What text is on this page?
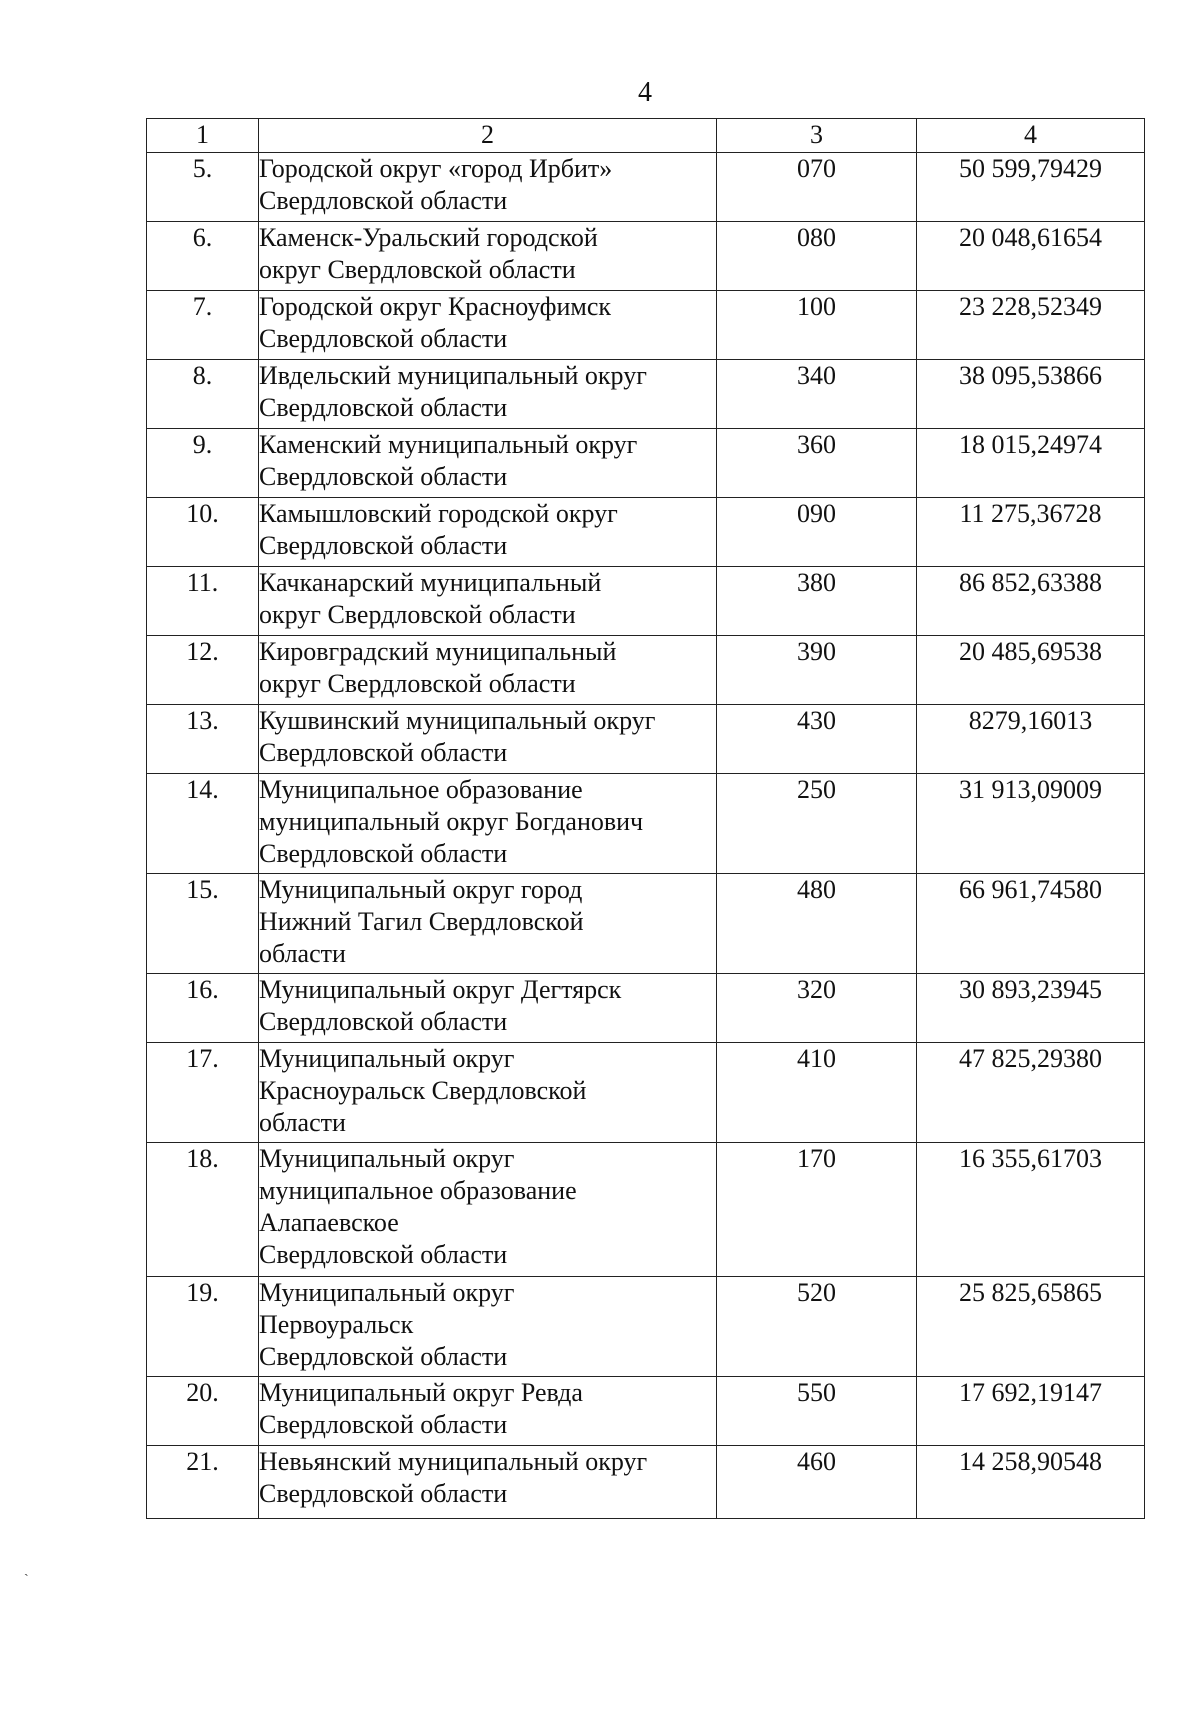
4
1	2	3	4
5.	Городской округ «город Ирбит»
Свердловской области	070	50 599,79429
6.	Каменск-Уральский городской
округ Свердловской области	080	20 048,61654
7.	Городской округ Красноуфимск
Свердловской области	100	23 228,52349
8.	Ивдельский муниципальный округ
Свердловской области	340	38 095,53866
9.	Каменский муниципальный округ
Свердловской области	360	18 015,24974
10.	Камышловский городской округ
Свердловской области	090	11 275,36728
11.	Качканарский муниципальный
округ Свердловской области	380	86 852,63388
12.	Кировградский муниципальный
округ Свердловской области	390	20 485,69538
13.	Кушвинский муниципальный округ
Свердловской области	430	8279,16013
14.	Муниципальное образование
муниципальный округ Богданович
Свердловской области	250	31 913,09009
15.	Муниципальный округ город
Нижний Тагил Свердловской
области	480	66 961,74580
16.	Муниципальный округ Дегтярск
Свердловской области	320	30 893,23945
17.	Муниципальный округ
Красноуральск Свердловской
области	410	47 825,29380
18.	Муниципальный округ
муниципальное образование
Алапаевское
Свердловской области	170	16 355,61703
19.	Муниципальный округ
Первоуральск
Свердловской области	520	25 825,65865
20.	Муниципальный округ Ревда
Свердловской области	550	17 692,19147
21.	Невьянский муниципальный округ
Свердловской области	460	14 258,90548
ˏ
